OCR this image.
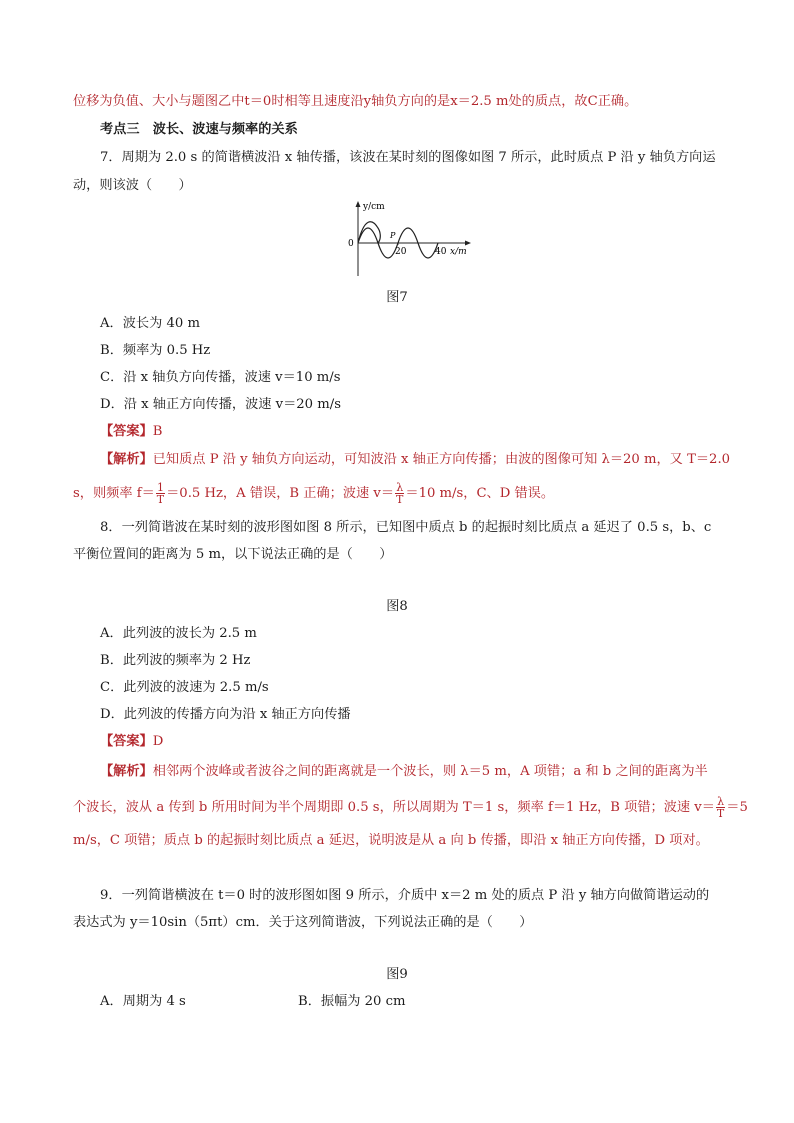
位移为负值、大小与题图乙中t＝0时相等且速度沿y轴负方向的是x＝2.5 m处的质点，故C正确。
考点三　波长、波速与频率的关系
7．周期为 2.0 s 的简谐横波沿 x 轴传播，该波在某时刻的图像如图 7 所示，此时质点 P 沿 y 轴负方向运
动，则该波（　　）
y/cm
x/m
0
20	40
P
图7
A．波长为 40 m
B．频率为 0.5 Hz
C．沿 x 轴负方向传播，波速 v＝10 m/s
D．沿 x 轴正方向传播，波速 v＝20 m/s
【答案】B
【解析】已知质点 P 沿 y 轴负方向运动，可知波沿 x 轴正方向传播；由波的图像可知 λ＝20 m，又 T＝2.0
s，则频率 $f= \frac{1}{T} =0.5$ Hz，A 错误，B 正确；波速 $v= \frac{\lambda}{T} =10$ m/s，C、D 错误。
8．一列简谐波在某时刻的波形图如图 8 所示，已知图中质点 b 的起振时刻比质点 a 延迟了 0.5 s，b、c
平衡位置间的距离为 5 m，以下说法正确的是（　　）
图8
A．此列波的波长为 2.5 m
B．此列波的频率为 2 Hz
C．此列波的波速为 2.5 m/s
D．此列波的传播方向为沿 x 轴正方向传播
【答案】D
【解析】相邻两个波峰或者波谷之间的距离就是一个波长，则 λ＝5 m，A 项错；a 和 b 之间的距离为半
个波长，波从 a 传到 b 所用时间为半个周期即 0.5 s，所以周期为 T＝1 s，频率 f＝1 Hz，B 项错；波速 $v= \frac{\lambda}{T} =5$
m/s，C 项错；质点 b 的起振时刻比质点 a 延迟，说明波是从 a 向 b 传播，即沿 x 轴正方向传播，D 项对。
9．一列简谐横波在 t＝0 时的波形图如图 9 所示，介质中 x＝2 m 处的质点 P 沿 y 轴方向做简谐运动的
表达式为 y＝10sin（5πt）cm．关于这列简谐波，下列说法正确的是（　　）
图9
A．周期为 4 s	B．振幅为 20 cm
